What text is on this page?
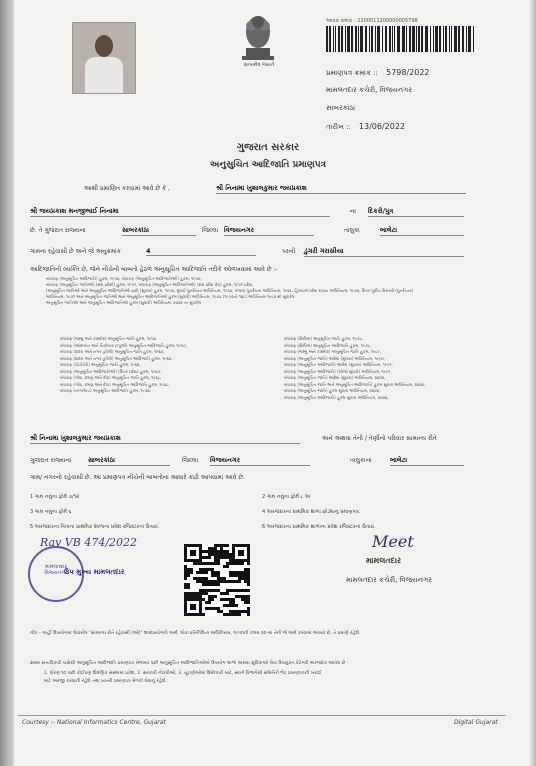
સત્યમેવ જયતે
આવક ક્રમાંક : 2200011200000005798
પ્રમાણપત્ર ક્રમાંક :: 5798/2022
મામલતદાર કચેરી, વિજયનગર
સાબરકાંઠા
તારીખ :: 13/06/2022
ગુજરાત સરકાર
અનુસુચિત આદિજાતિ પ્રમાણપત્ર
આથી પ્રમાણિત કરવામાં આવે છે કે ,	શ્રી નિનામા ખુશાલકુમાર જયપ્રકાશ
શ્રી જયપ્રકાશ મનજીભાઈ નિનામા	ના દિકરો/પુત્ર
છે. તે ગુજરાત રાજ્યના	સાબરકાંઠા	જિલ્લા વિજયનગર	તાલુકા	બાલેટા
ગામના રહેવાસી છે અને જે અનુક્રમાંક	4	પરની ડુંગરી ગરાસીયા
આદિજાતિની વ્યક્તિ છે, જેને નીચેની બાબતો હેઠળ અનુસૂચિત આદિજાતિ તરીકે ઓળખવામાં આવે છે :-
બંધારણ (અનુસૂચિત આદિજાતિ) હુકમ, ૧૯૫૦, બંધારણ (અનુસૂચિત આદિજાતિઓ) હુકમ, ૧૯૫૦,
બંધારણ (અનુસૂચિત જાતિઓ) (સંઘ પ્રદેશો) હુકમ, ૧૯૫૧, બંધારણ (અનુસૂચિત આદિજાતિઓ) (સંઘ પ્રદેશ ક્ષેત્ર) હુકમ, ૧૯૫૧ પ્રદેશ,
(અનુસૂચિત જાતિઓ અને અનુસૂચિત આદિજાતિઓ યાદી (સુધારા) હુકમ, ૧૯૫૬, મુંબઈ પુનર્રચના અધિનિયમ, ૧૯૬૦, પંજાબ પુનર્રચના અધિનિયમ, ૧૯૬૬, હિમાચલ પ્રદેશ રાજ્ય અધિનિયમ, ૧૯૭૦, ઉત્તર પૂર્વીય વિસ્તારો (પુનર્રચના)
અધિનિયમ, ૧૯૭૧ અને અનુસૂચિત જાતિઓ અને અનુસૂચિત આદિજાતિઓ હુકમ (સુધારો) અધિનિયમ, ૧૯૭૬ (૧૯૭૬નો ૧૦૮) અધિનિયમ ૧૯૮૦ થી સુધારેલ
અનુસૂચિત જાતિઓ અને અનુસૂચિત આદિજાતિઓ હુકમ (સુધારો) અધિનિયમ, ૨૦૦૨ ના સુધારેલ
બંધારણ (જમ્મુ અને કાશ્મીર) અનુસૂચિત જાતિ હુકમ, ૧૯૫૬
બંધારણ (આંદામાન અને નિકોબાર ટાપુઓ) અનુસૂચિત આદિજાતિ હુકમ, ૧૯૫૯,
બંધારણ (દાદરા અને નગર હવેલી) અનુસૂચિત જાતિ હુકમ, ૧૯૬૨,
બંધારણ (દાદરા અને નગર હવેલી) અનુસૂચિત આદિજાતિ હુકમ, ૧૯૬૨,
બંધારણ (પોંડીચેરી) અનુસૂચિત જાતિ હુકમ, ૧૯૬૪,
બંધારણ (અનુસૂચિત આદિજાતિઓ) (ઉત્તર પ્રદેશ) હુકમ, ૧૯૬૭,
બંધારણ (ગોવા, દમણ અને દીવ) અનુસૂચિત જાતિ હુકમ, ૧૯૬૮,
બંધારણ (ગોવા, દમણ અને દીવ) અનુસૂચિત આદિજાતિ હુકમ, ૧૯૬૮,
બંધારણ (નાગાલેન્ડ) અનુસૂચિત આદિજાતિ હુકમ, ૧૯૭૦,
બંધારણ (સિક્કિમ) અનુસૂચિત જાતિ હુકમ, ૧૯૭૮,
બંધારણ (સિક્કિમ) અનુસૂચિત આદિજાતિ હુકમ, ૧૯૭૮,
બંધારણ (જમ્મુ અને કાશ્મીર) અનુસૂચિત જાતિ હુકમ, ૧૯૮૯,
બંધારણ (અનુસૂચિત જાતિ) આદેશ (સુધારા) અધિનિયમ, ૧૯૯૦,
બંધારણ (અનુસૂચિત આદિજાતિ) આદેશ (સુધારા) અધિનિયમ, ૧૯૯૧,
બંધારણ (અનુસૂચિત આદિજાતિ) (બીજો સુધારો) અધિનિયમ, ૧૯૯૧,
બંધારણ (અનુસૂચિત જાતિ) આદેશ (સુધારા) અધિનિયમ, ૨૦૦૨,
બંધારણ (અનુસૂચિત જાતિ અને અનુસૂચિત આદિજાતિ) હુકમ સુધારા અધિનિયમ, ૨૦૦૨,
બંધારણ (અનુસૂચિત જાતિ) હુકમ સુધારા અધિનિયમ, ૨૦૦૨,
બંધારણ (અનુસૂચિત આદિજાતિ) હુકમ સુધારા અધિનિયમ, ૨૦૦૨,
શ્રી નિનામા ખુશાલકુમાર જયપ્રકાશ	અને અથવા તેની / તેણીનો પરિવાર સામાન્ય રીતે
ગુજરાત રાજ્યના	સાબરકાંઠા	જિલ્લા વિજયનગર	તાલુકાના	બાલેટા
ગામ/ નગરનો રહેવાસી છે. આ પ્રમાણપત્ર નીચેની બાબતોના આધારે કાઢી આપવામાં આવે છે.
1 ગામ નમુના ફોર્મ ૭/૧૨	2 ગામ નમુના ફોર્મ ૮ અ
3 ગામ નમુના ફોર્મ ૬	4 અરજદારના પ્રાથમિક શાળા છોડ્યાનું પ્રમાણપત્ર.
5 અરજદારના પિતાના પ્રાથમિક શાળાના પ્રવેશ રજિસ્ટરનાં ઉતારા.	6 અરજદારના પ્રાથમિક શાળાના પ્રવેશ રજિસ્ટરનાં ઉતારા.
Rav VB 474/2022
મામલતદાર વિજયનગર
ઉપ મુખ્ય મામલતદાર
Meet
મામલતદાર
મામલતદાર કચેરી, વિજયનગર
નોંધ – અહીં ઉપયોગમાં લેવાયેલ "સામાન્ય રીતે રહેવાસી (ઓ)" શબ્દપ્રયોગનો અર્થ, લોક-પ્રતિનિધિત્વ અધિનિયમ, ૧૯૫૦ની કલમ ૨૦-માં તેનો જે અર્થ કરવામાં આવ્યો છે, તે પ્રમાણે રહેશે.
સક્ષમ સત્તાધિકારી પાસેથી અનુસૂચિત આદિજાતિ પ્રમાણપત્ર મેળવ્યા પછી અનુસૂચિત આદિજાતિઓએ ઉપયોગ લાભો અથવા સુવિધાઓ લેવા ઉપયુક્ત કેટેગરી અરજદાર આપેલ છે :
1. ધોરણ ૧૦ પછી કોઈપણ શૈક્ષણિક સંસ્થામાં પ્રવેશ, 2. સરકારી નોકરીઓ, 3. ચૂંટણીઓમાં ઉમેદવારી માટે, સંવર્ગ વિભાગેથી સમિતિને ભેટ પ્રમાણપત્રની ખરાઈ
માટે અરજી કરવાની રહેશે તથા ખાતરી પ્રમાણપત્ર મેળવી લેવાનું રહેશે.
Courtesy :- National Informatics Centre, Gujarat	Digital Gujarat
